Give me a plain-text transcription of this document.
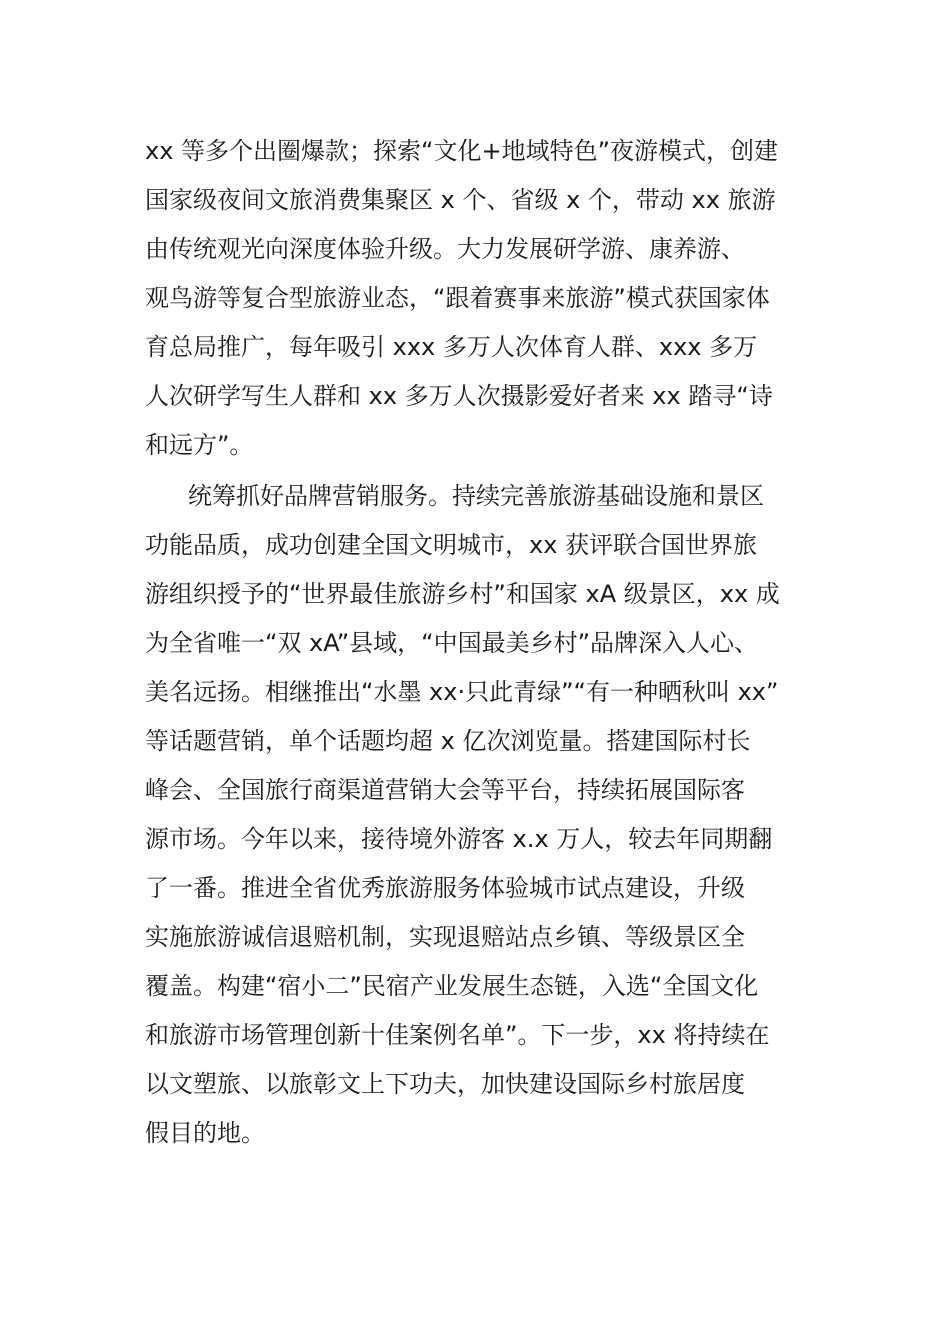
xx 等多个出圈爆款；探索“文化+地域特色”夜游模式，创建
国家级夜间文旅消费集聚区 x 个、省级 x 个，带动 xx 旅游
由传统观光向深度体验升级。大力发展研学游、康养游、
观鸟游等复合型旅游业态，“跟着赛事来旅游”模式获国家体
育总局推广，每年吸引 xxx 多万人次体育人群、xxx 多万
人次研学写生人群和 xx 多万人次摄影爱好者来 xx 踏寻“诗
和远方”。
统筹抓好品牌营销服务。持续完善旅游基础设施和景区
功能品质，成功创建全国文明城市，xx 获评联合国世界旅
游组织授予的“世界最佳旅游乡村”和国家 xA 级景区，xx 成
为全省唯一“双 xA”县域，“中国最美乡村”品牌深入人心、
美名远扬。相继推出“水墨 xx·只此青绿”“有一种晒秋叫 xx”
等话题营销，单个话题均超 x 亿次浏览量。搭建国际村长
峰会、全国旅行商渠道营销大会等平台，持续拓展国际客
源市场。今年以来，接待境外游客 x.x 万人，较去年同期翻
了一番。推进全省优秀旅游服务体验城市试点建设，升级
实施旅游诚信退赔机制，实现退赔站点乡镇、等级景区全
覆盖。构建“宿小二”民宿产业发展生态链，入选“全国文化
和旅游市场管理创新十佳案例名单”。下一步，xx 将持续在
以文塑旅、以旅彰文上下功夫，加快建设国际乡村旅居度
假目的地。
